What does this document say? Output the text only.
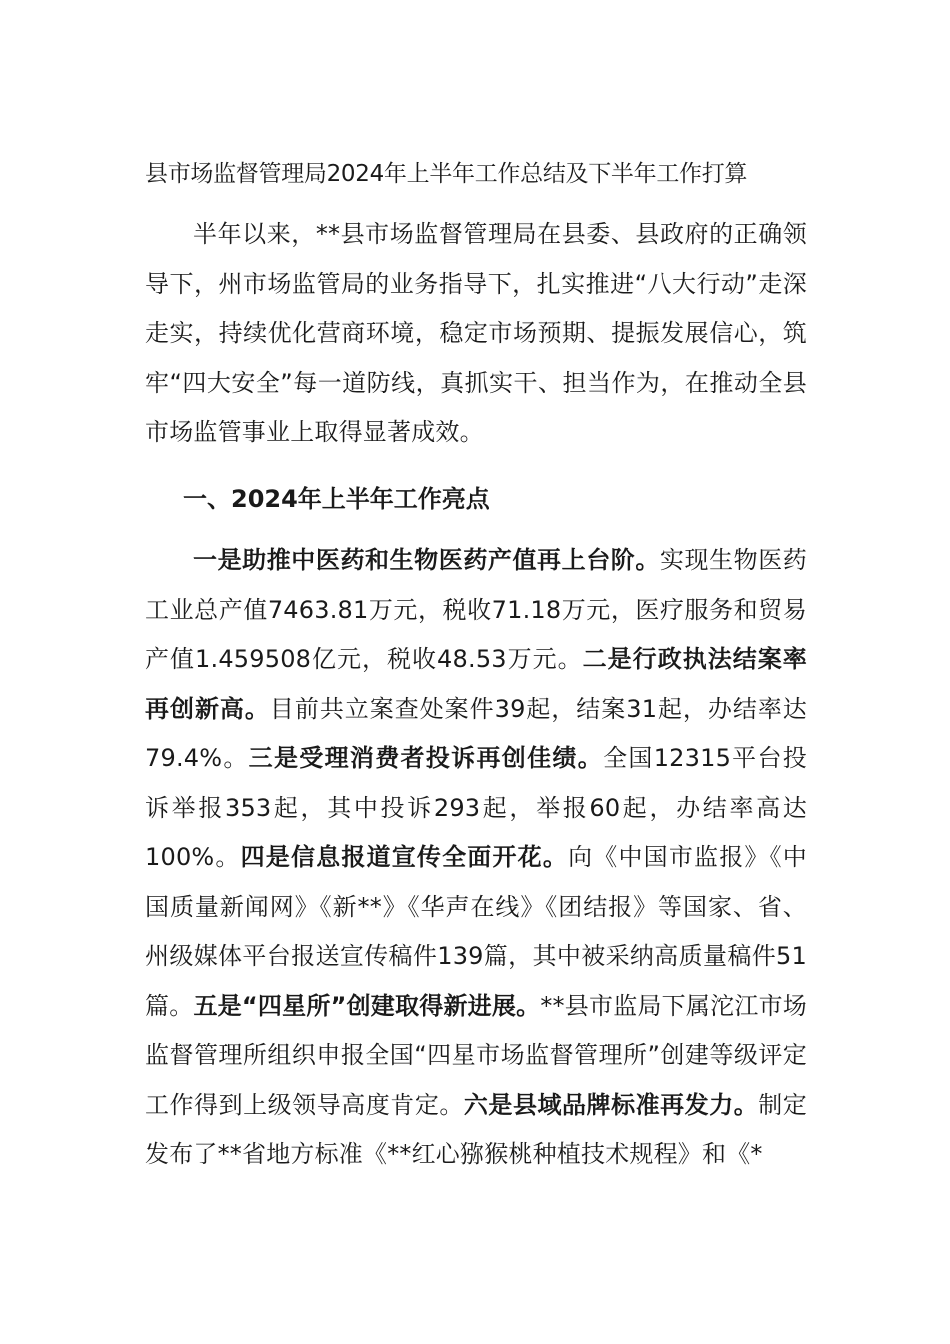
县市场监督管理局2024年上半年工作总结及下半年工作打算
半年以来，**县市场监督管理局在县委、县政府的正确领导下，州市场监管局的业务指导下，扎实推进“八大行动”走深走实，持续优化营商环境，稳定市场预期、提振发展信心，筑牢“四大安全”每一道防线，真抓实干、担当作为，在推动全县市场监管事业上取得显著成效。
一、2024年上半年工作亮点
一是助推中医药和生物医药产值再上台阶。实现生物医药工业总产值7463.81万元，税收71.18万元，医疗服务和贸易产值1.459508亿元，税收48.53万元。二是行政执法结案率再创新高。目前共立案查处案件39起，结案31起，办结率达79.4%。三是受理消费者投诉再创佳绩。全国12315平台投诉举报353起，其中投诉293起，举报60起，办结率高达100%。四是信息报道宣传全面开花。向《中国市监报》《中国质量新闻网》《新**》《华声在线》《团结报》等国家、省、州级媒体平台报送宣传稿件139篇，其中被采纳高质量稿件51篇。五是“四星所”创建取得新进展。**县市监局下属沱江市场监督管理所组织申报全国“四星市场监督管理所”创建等级评定工作得到上级领导高度肯定。六是县域品牌标准再发力。制定发布了**省地方标准《**红心猕猴桃种植技术规程》和《*
